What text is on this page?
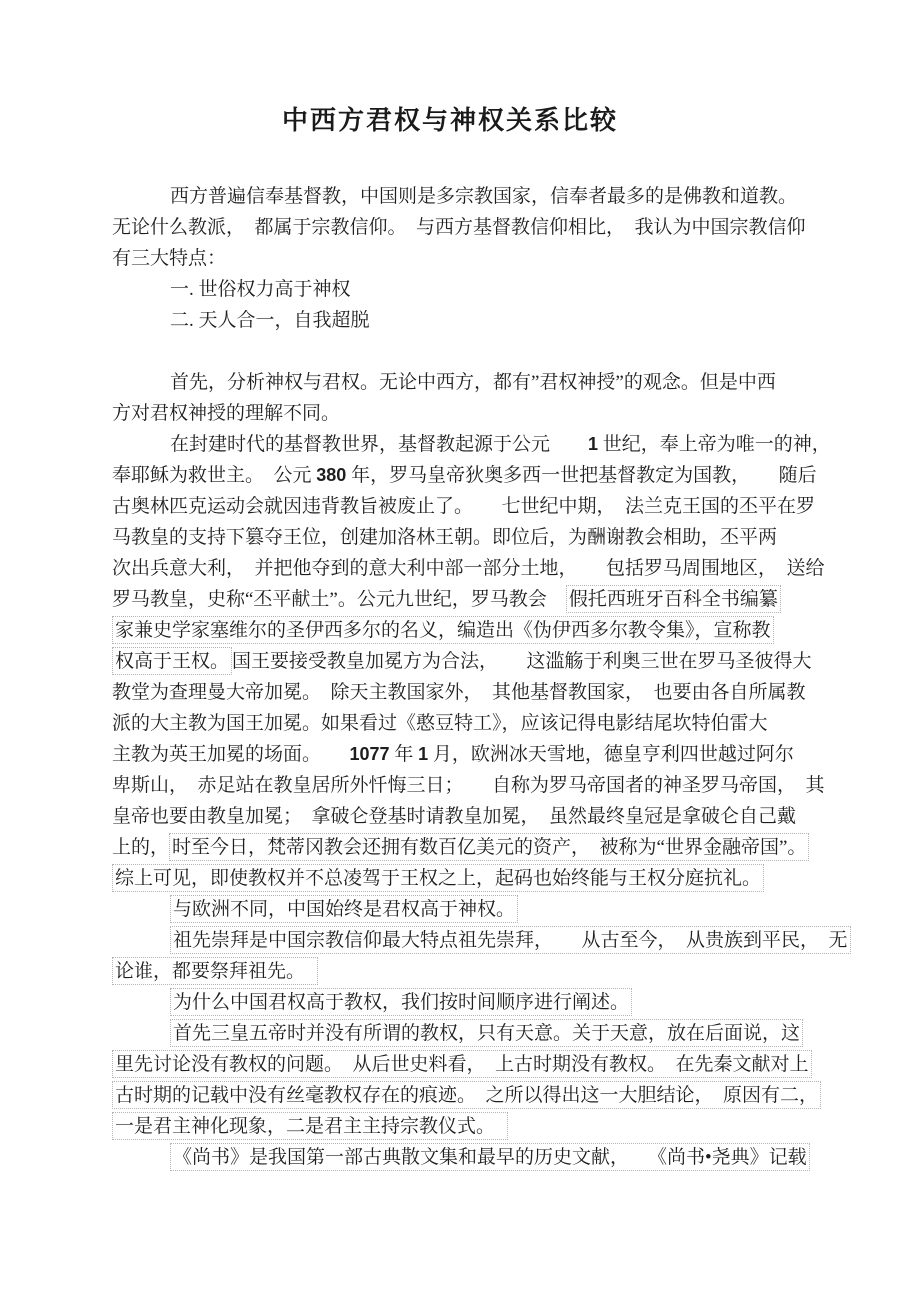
中西方君权与神权关系比较
西方普遍信奉基督教，中国则是多宗教国家，信奉者最多的是佛教和道教。
无论什么教派，　都属于宗教信仰。　与西方基督教信仰相比，　我认为中国宗教信仰
有三大特点：
一. 世俗权力高于神权
二. 天人合一，自我超脱
首先，分析神权与君权。无论中西方，都有”君权神授”的观念。但是中西
方对君权神授的理解不同。
在封建时代的基督教世界，基督教起源于公元　　1 世纪，奉上帝为唯一的神，
奉耶稣为救世主。　公元 380 年，罗马皇帝狄奥多西一世把基督教定为国教，　　随后
古奥林匹克运动会就因违背教旨被废止了。　　七世纪中期，　法兰克王国的丕平在罗
马教皇的支持下篡夺王位，创建加洛林王朝。即位后，为酬谢教会相助，丕平两
次出兵意大利，　并把他夺到的意大利中部一部分土地，　　包括罗马周围地区，　送给
罗马教皇，史称“丕平献土”。公元九世纪，罗马教会　假托西班牙百科全书编纂
家兼史学家塞维尔的圣伊西多尔的名义，编造出《伪伊西多尔教令集》，宣称教
权高于王权。 国王要接受教皇加冕方为合法，　　这滥觞于利奥三世在罗马圣彼得大
教堂为查理曼大帝加冕。　除天主教国家外，　其他基督教国家，　也要由各自所属教
派的大主教为国王加冕。如果看过《憨豆特工》，应该记得电影结尾坎特伯雷大
主教为英王加冕的场面。　　1077 年 1 月，欧洲冰天雪地，德皇亨利四世越过阿尔
卑斯山，　赤足站在教皇居所外忏悔三日；　　自称为罗马帝国者的神圣罗马帝国，　其
皇帝也要由教皇加冕；　拿破仑登基时请教皇加冕，　虽然最终皇冠是拿破仑自己戴
上的， 时至今日，梵蒂冈教会还拥有数百亿美元的资产，　被称为“世界金融帝国”。
综上可见，即使教权并不总凌驾于王权之上，起码也始终能与王权分庭抗礼。
与欧洲不同，中国始终是君权高于神权。
祖先崇拜是中国宗教信仰最大特点祖先崇拜，　　从古至今，　从贵族到平民，　无
论谁，都要祭拜祖先。　
为什么中国君权高于教权，我们按时间顺序进行阐述。
首先三皇五帝时并没有所谓的教权，只有天意。关于天意，放在后面说，这
里先讨论没有教权的问题。　从后世史料看，　上古时期没有教权。　在先秦文献对上
古时期的记载中没有丝毫教权存在的痕迹。　之所以得出这一大胆结论，　原因有二，
一是君主神化现象，二是君主主持宗教仪式。　
《尚书》是我国第一部古典散文集和最早的历史文献，　　《尚书•尧典》记载
